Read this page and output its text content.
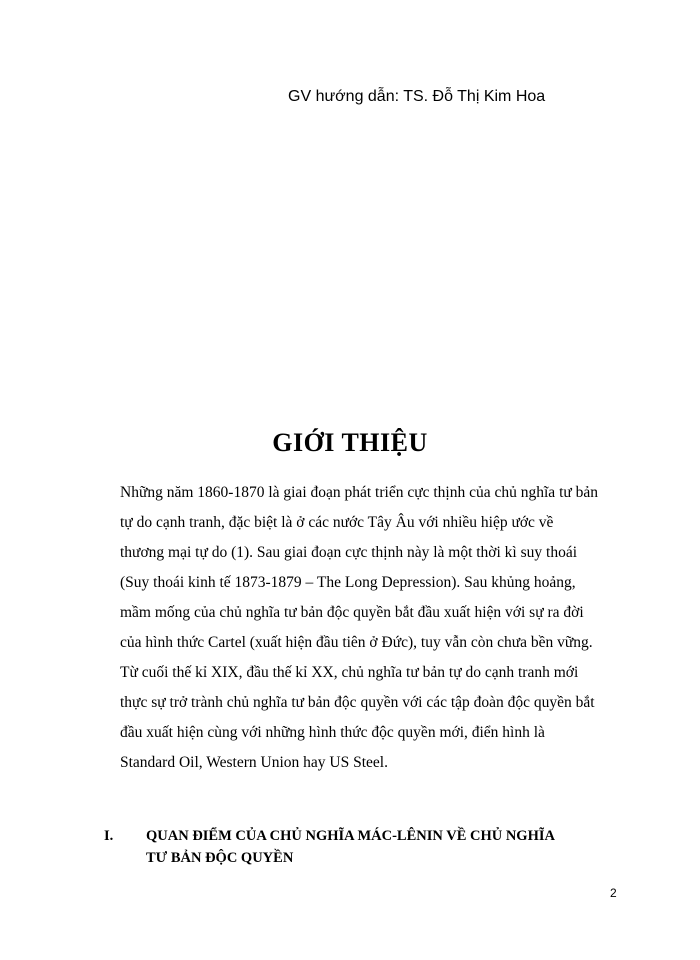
GV hướng dẫn: TS. Đỗ Thị Kim Hoa
GIỚI THIỆU

Những năm 1860-1870 là giai đoạn phát triển cực thịnh của chủ nghĩa tư bản
tự do cạnh tranh, đặc biệt là ở các nước Tây Âu với nhiều hiệp ước về
thương mại tự do (1). Sau giai đoạn cực thịnh này là một thời kì suy thoái
(Suy thoái kinh tế 1873-1879 – The Long Depression). Sau khủng hoảng,
mầm mống của chủ nghĩa tư bản độc quyền bắt đầu xuất hiện với sự ra đời
của hình thức Cartel (xuất hiện đầu tiên ở Đức), tuy vẫn còn chưa bền vững.
Từ cuối thế kỉ XIX, đầu thế kỉ XX, chủ nghĩa tư bản tự do cạnh tranh mới
thực sự trở trành chủ nghĩa tư bản độc quyền với các tập đoàn độc quyền bắt
đầu xuất hiện cùng với những hình thức độc quyền mới, điển hình là
Standard Oil, Western Union hay US Steel.

I. QUAN ĐIỂM CỦA CHỦ NGHĨA MÁC-LÊNIN VỀ CHỦ NGHĨA
TƯ BẢN ĐỘC QUYỀN
2
